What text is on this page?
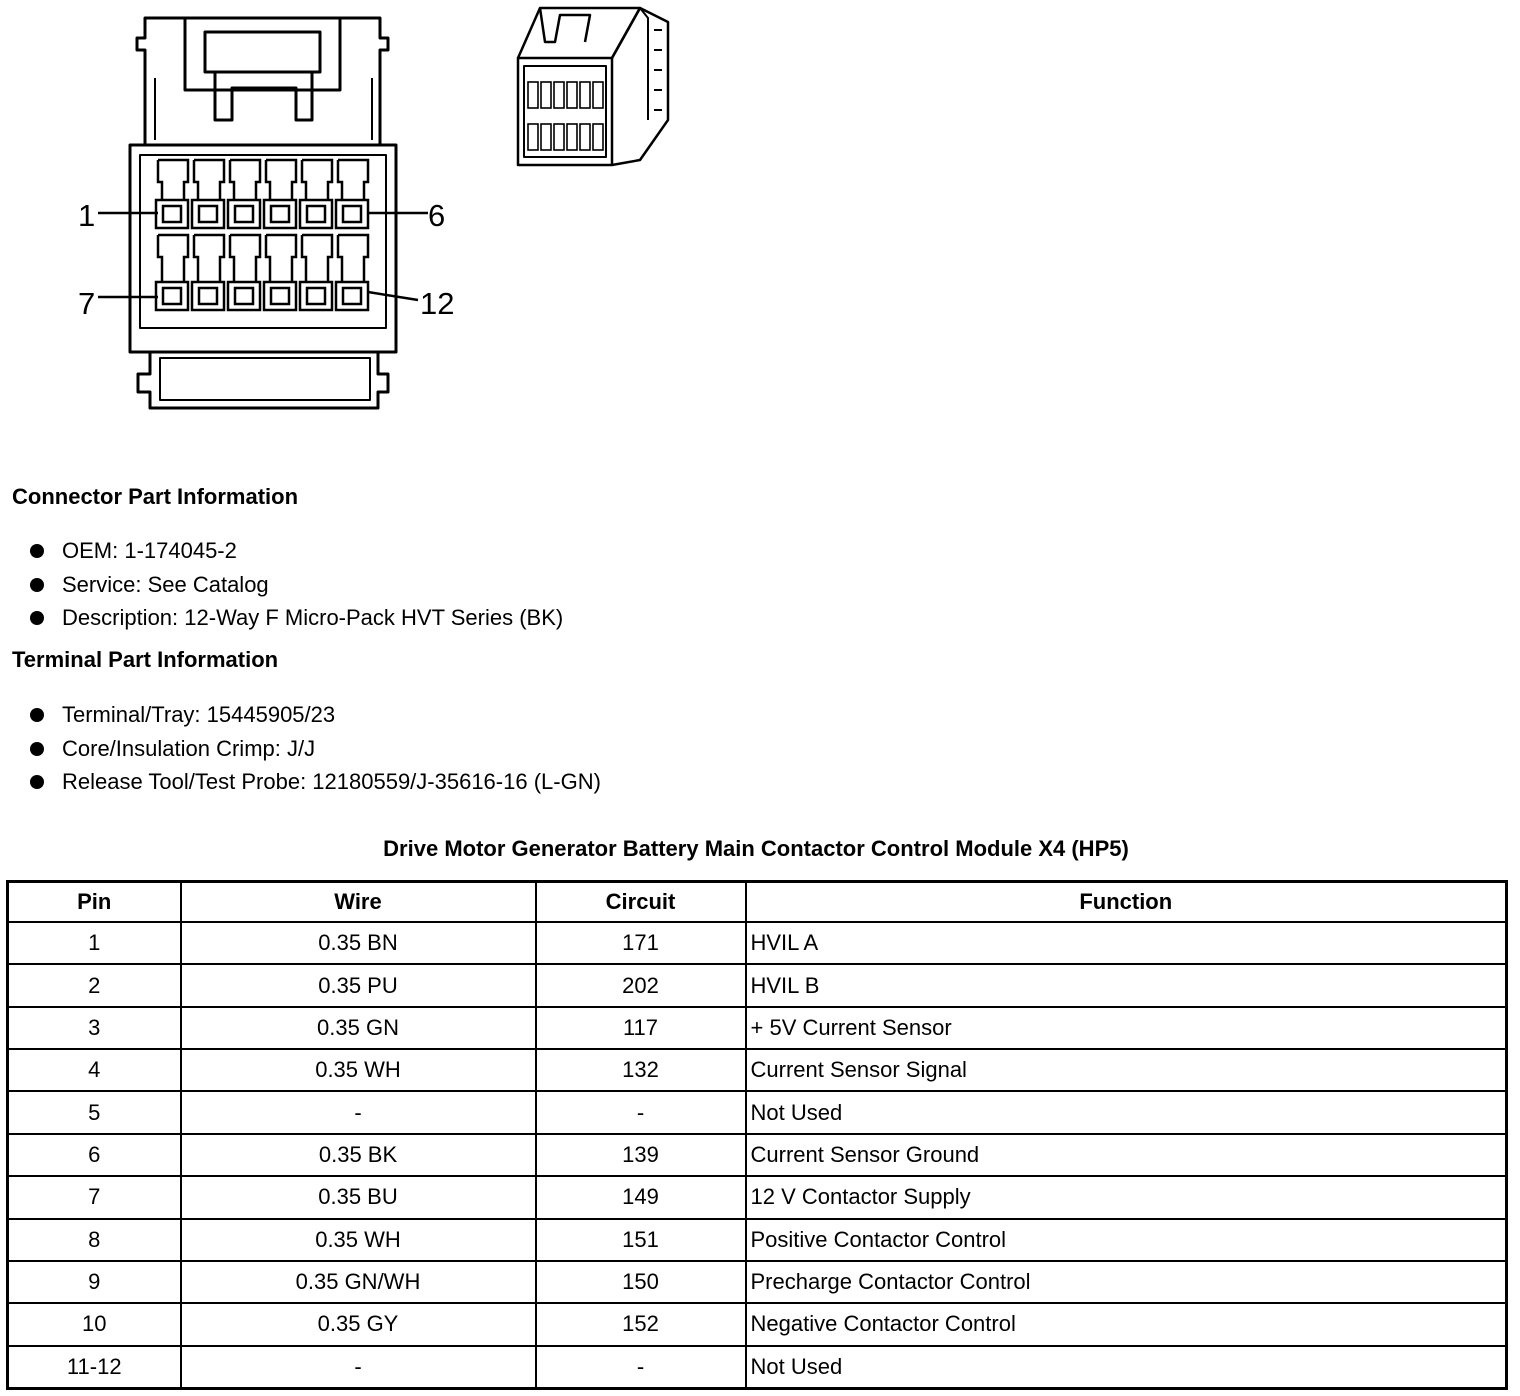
1	6
7	12
Connector Part Information
OEM: 1-174045-2
Service: See Catalog
Description: 12-Way F Micro-Pack HVT Series (BK)
Terminal Part Information
Terminal/Tray: 15445905/23
Core/Insulation Crimp: J/J
Release Tool/Test Probe: 12180559/J-35616-16 (L-GN)
Drive Motor Generator Battery Main Contactor Control Module X4 (HP5)
Pin	Wire	Circuit	Function
1	0.35 BN	171	HVIL A
2	0.35 PU	202	HVIL B
3	0.35 GN	117	+ 5V Current Sensor
4	0.35 WH	132	Current Sensor Signal
5	-	-	Not Used
6	0.35 BK	139	Current Sensor Ground
7	0.35 BU	149	12 V Contactor Supply
8	0.35 WH	151	Positive Contactor Control
9	0.35 GN/WH	150	Precharge Contactor Control
10	0.35 GY	152	Negative Contactor Control
11-12	-	-	Not Used
